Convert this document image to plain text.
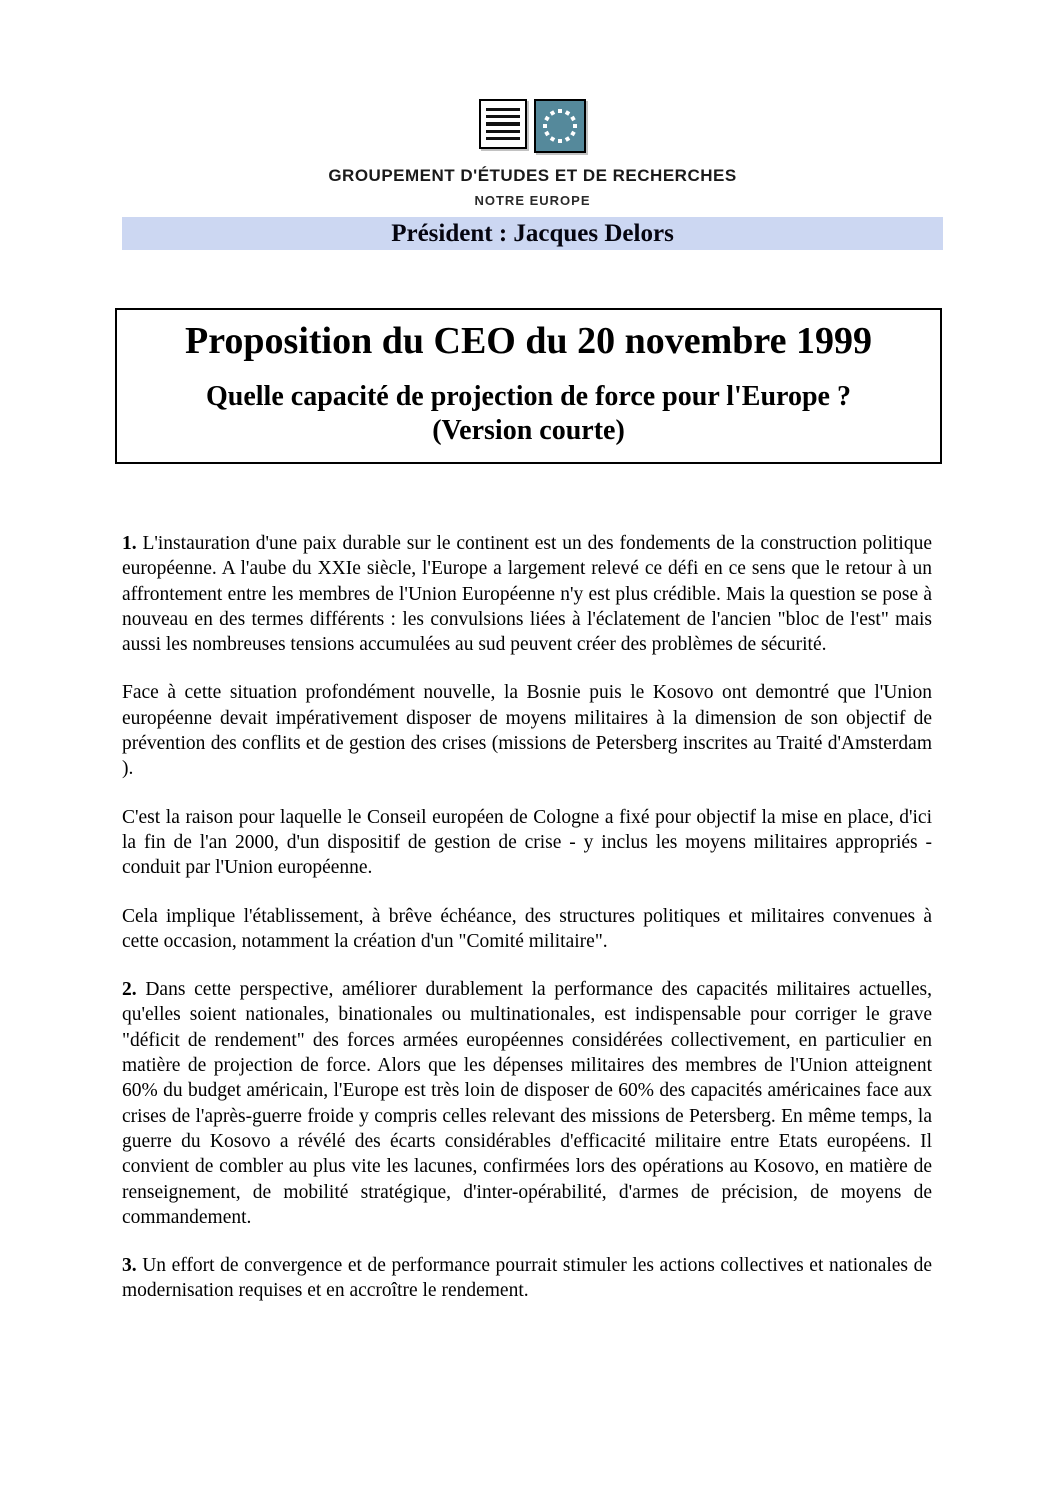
GROUPEMENT D'ÉTUDES ET DE RECHERCHES
NOTRE EUROPE
Président : Jacques Delors

Proposition du CEO du 20 novembre 1999

Quelle capacité de projection de force pour l'Europe ?

(Version courte)

1. L'instauration d'une paix durable sur le continent est un des fondements de la construction politique européenne. A l'aube du XXIe siècle, l'Europe a largement relevé ce défi en ce sens que le retour à un affrontement entre les membres de l'Union Européenne n'y est plus crédible. Mais la question se pose à nouveau en des termes différents : les convulsions liées à l'éclatement de l'ancien "bloc de l'est" mais aussi les nombreuses tensions accumulées au sud peuvent créer des problèmes de sécurité.

Face à cette situation profondément nouvelle, la Bosnie puis le Kosovo ont demontré que l'Union européenne devait impérativement disposer de moyens militaires à la dimension de son objectif de prévention des conflits et de gestion des crises (missions de Petersberg inscrites au Traité d'Amsterdam ).

C'est la raison pour laquelle le Conseil européen de Cologne a fixé pour objectif la mise en place, d'ici la fin de l'an 2000, d'un dispositif de gestion de crise - y inclus les moyens militaires appropriés - conduit par l'Union européenne.

Cela implique l'établissement, à brêve échéance, des structures politiques et militaires convenues à cette occasion, notamment la création d'un "Comité militaire".

2. Dans cette perspective, améliorer durablement la performance des capacités militaires actuelles, qu'elles soient nationales, binationales ou multinationales, est indispensable pour corriger le grave "déficit de rendement" des forces armées européennes considérées collectivement, en particulier en matière de projection de force. Alors que les dépenses militaires des membres de l'Union atteignent 60% du budget américain, l'Europe est très loin de disposer de 60% des capacités américaines face aux crises de l'après-guerre froide y compris celles relevant des missions de Petersberg. En même temps, la guerre du Kosovo a révélé des écarts considérables d'efficacité militaire entre Etats européens. Il convient de combler au plus vite les lacunes, confirmées lors des opérations au Kosovo, en matière de renseignement, de mobilité stratégique, d'inter-opérabilité, d'armes de précision, de moyens de commandement.

3. Un effort de convergence et de performance pourrait stimuler les actions collectives et nationales de modernisation requises et en accroître le rendement.
